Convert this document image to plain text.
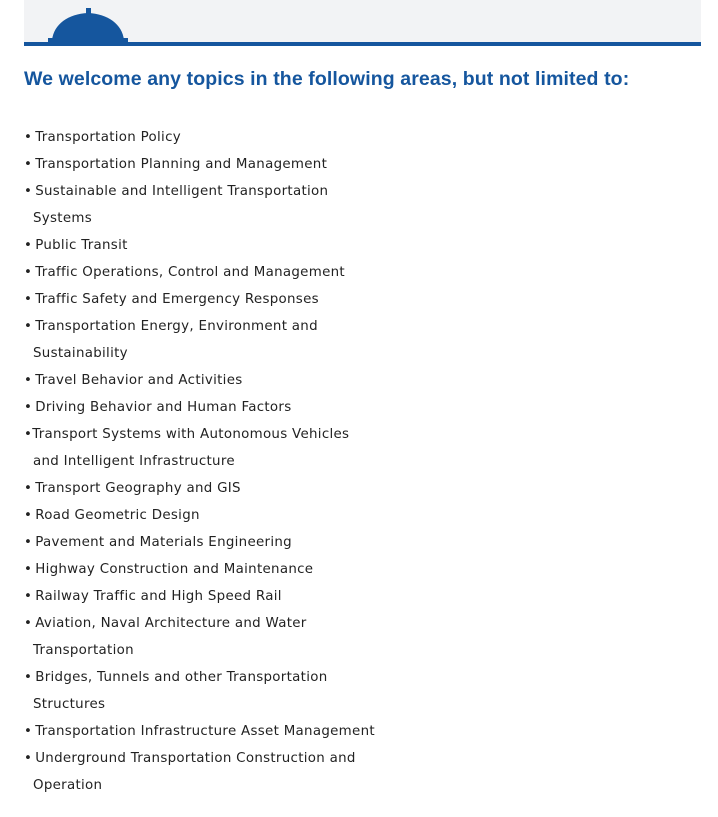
We welcome any topics in the following areas, but not limited to:
• Transportation Policy
• Transportation Planning and Management
• Sustainable and Intelligent Transportation
Systems
• Public Transit
• Traffic Operations, Control and Management
• Traffic Safety and Emergency Responses
• Transportation Energy, Environment and
Sustainability
• Travel Behavior and Activities
• Driving Behavior and Human Factors
•Transport Systems with Autonomous Vehicles
and Intelligent Infrastructure
• Transport Geography and GIS
• Road Geometric Design
• Pavement and Materials Engineering
• Highway Construction and Maintenance
• Railway Traffic and High Speed Rail
• Aviation, Naval Architecture and Water
Transportation
• Bridges, Tunnels and other Transportation
Structures
• Transportation Infrastructure Asset Management
• Underground Transportation Construction and
Operation
